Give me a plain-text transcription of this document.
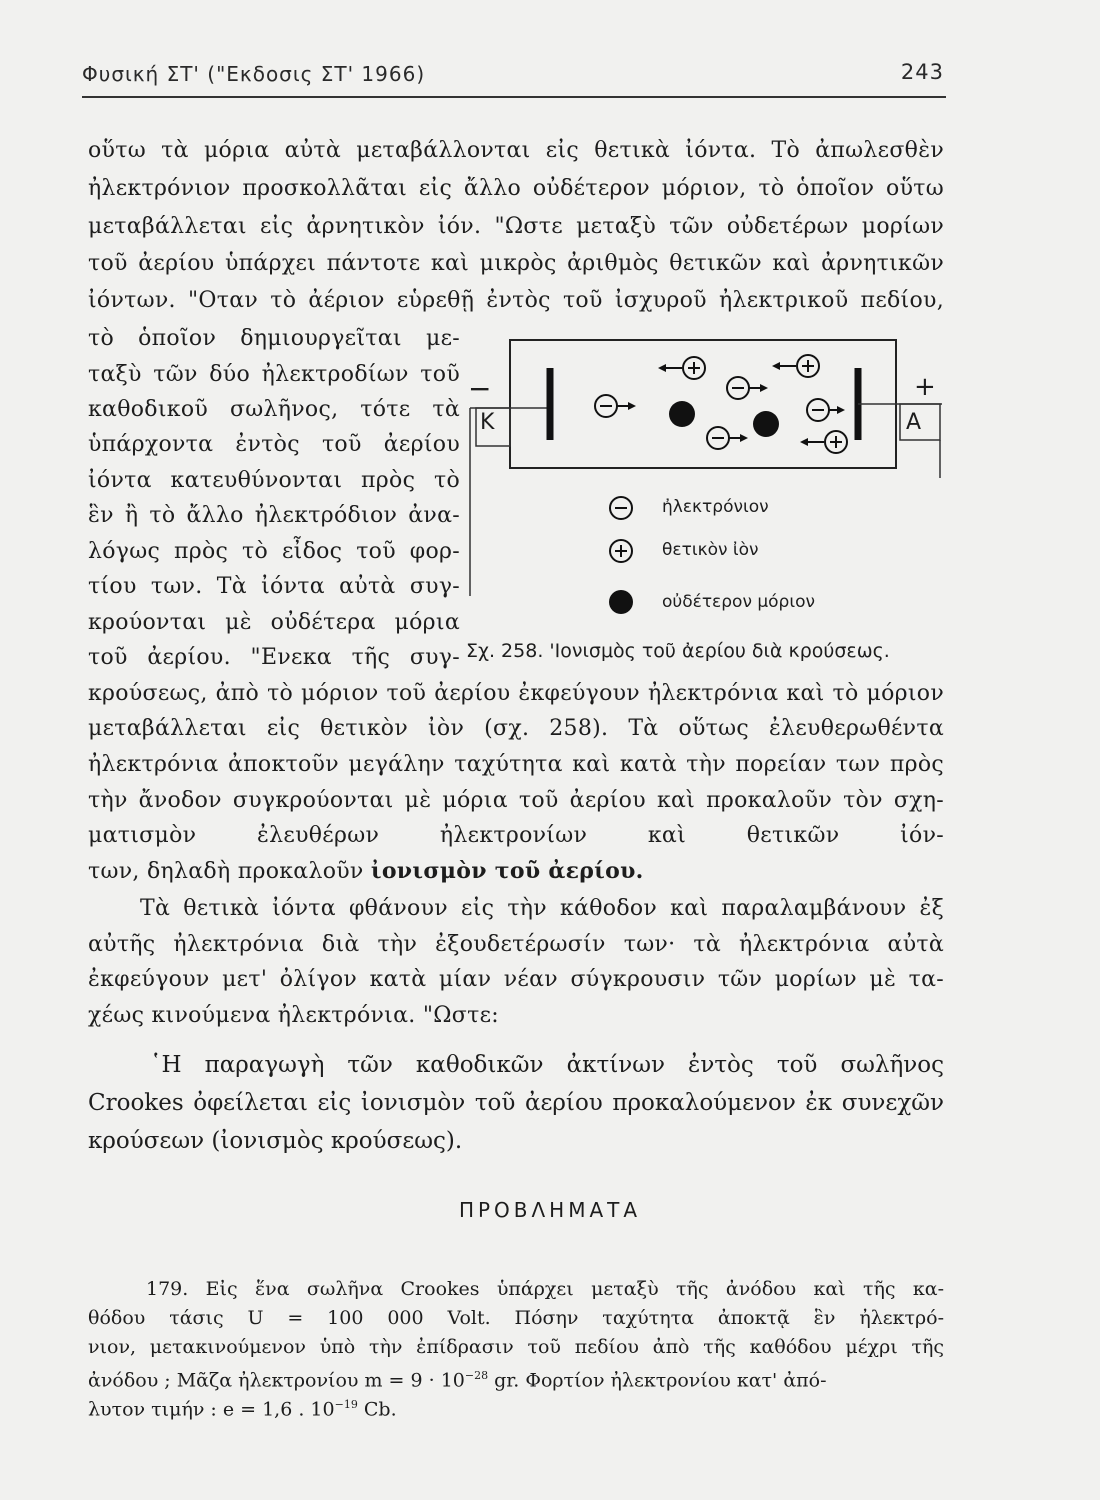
Φυσική ΣΤ' ("Εκδοσις ΣΤ' 1966)	243
οὕτω τὰ μόρια αὐτὰ μεταβάλλονται εἰς θετικὰ ἰόντα. Τὸ ἀπωλεσθὲν
ἠλεκτρόνιον προσκολλᾶται εἰς ἄλλο οὐδέτερον μόριον, τὸ ὁποῖον οὕτω
μεταβάλλεται εἰς ἀρνητικὸν ἰόν. "Ωστε μεταξὺ τῶν οὐδετέρων μορίων
τοῦ ἀερίου ὑπάρχει πάντοτε καὶ μικρὸς ἀριθμὸς θετικῶν καὶ ἀρνητικῶν
ἰόντων. "Οταν τὸ ἀέριον εὑρεθῇ ἐντὸς τοῦ ἰσχυροῦ ἠλεκτρικοῦ πεδίου,
τὸ ὁποῖον δημιουργεῖται με-
ταξὺ τῶν δύο ἠλεκτροδίων τοῦ
καθοδικοῦ σωλῆνος, τότε τὰ
ὑπάρχοντα ἐντὸς τοῦ ἀερίου
ἰόντα κατευθύνονται πρὸς τὸ
ἓν ἢ τὸ ἄλλο ἠλεκτρόδιον ἀνα-
λόγως πρὸς τὸ εἶδος τοῦ φορ-
τίου των. Τὰ ἰόντα αὐτὰ συγ-
κρούονται μὲ οὐδέτερα μόρια
τοῦ ἀερίου. "Ενεκα τῆς συγ-
−
K
+
A
ἠλεκτρόνιον
θετικὸν ἰὸν
οὐδέτερον μόριον
Σχ. 258. 'Ιονισμὸς τοῦ ἀερίου διὰ κρούσεως.
κρούσεως, ἀπὸ τὸ μόριον τοῦ ἀερίου ἐκφεύγουν ἠλεκτρόνια καὶ τὸ μόριον
μεταβάλλεται εἰς θετικὸν ἰὸν (σχ. 258). Τὰ οὕτως ἐλευθερωθέντα
ἠλεκτρόνια ἀποκτοῦν μεγάλην ταχύτητα καὶ κατὰ τὴν πορείαν των πρὸς
τὴν ἄνοδον συγκρούονται μὲ μόρια τοῦ ἀερίου καὶ προκαλοῦν τὸν σχη-
ματισμὸν ἐλευθέρων ἠλεκτρονίων καὶ θετικῶν ἰόν-
των, δηλαδὴ προκαλοῦν ἰονισμὸν τοῦ ἀερίου.
Τὰ θετικὰ ἰόντα φθάνουν εἰς τὴν κάθοδον καὶ παραλαμβάνουν ἐξ
αὐτῆς ἠλεκτρόνια διὰ τὴν ἐξουδετέρωσίν των· τὰ ἠλεκτρόνια αὐτὰ
ἐκφεύγουν μετ' ὀλίγον κατὰ μίαν νέαν σύγκρουσιν τῶν μορίων μὲ τα-
χέως κινούμενα ἠλεκτρόνια. "Ωστε:
῾Η παραγωγὴ τῶν καθοδικῶν ἀκτίνων ἐντὸς τοῦ σωλῆνος
Crookes ὀφείλεται εἰς ἰονισμὸν τοῦ ἀερίου προκαλούμενον ἐκ συνεχῶν
κρούσεων (ἰονισμὸς κρούσεως).
ΠΡΟΒΛΗΜΑΤΑ
179. Εἰς ἕνα σωλῆνα Crookes ὑπάρχει μεταξὺ τῆς ἀνόδου καὶ τῆς κα-
θόδου τάσις U = 100 000 Volt. Πόσην ταχύτητα ἀποκτᾷ ἓν ἠλεκτρό-
νιον, μετακινούμενον ὑπὸ τὴν ἐπίδρασιν τοῦ πεδίου ἀπὸ τῆς καθόδου μέχρι τῆς
ἀνόδου ; Μᾶζα ἠλεκτρονίου $m = 9 \cdot 10^{-28}$ gr. Φορτίον ἠλεκτρονίου κατ' ἀπό-
λυτον τιμήν : e = 1,6 . $10^{-19}$ Cb.
